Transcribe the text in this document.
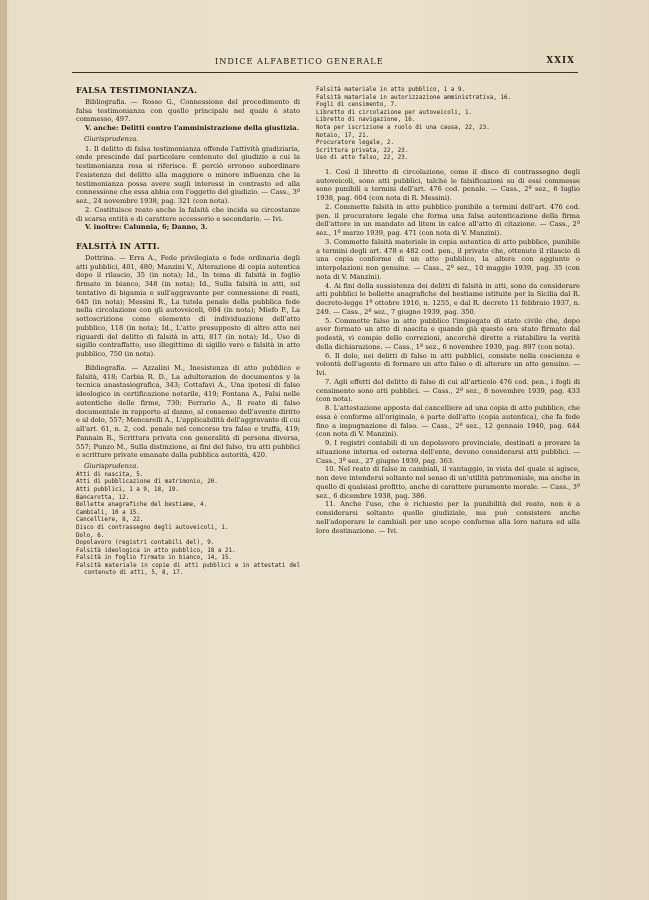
INDICE ALFABETICO GENERALE	XXIX
FALSA TESTIMONIANZA.

Bibliografia. — Rosso G., Connessione del procedimento di falsa testimonianza con quello principale nel quale è stato commesso, 497.

V. anche: Delitti contro l'amministrazione della giustizia.

Giurisprudenza.

1. Il delitto di falsa testimonianza offende l'attività giudiziaria, onde prescinde dal particolare contenuto del giudizio a cui la testimonianza resa si riferisce. È perciò erroneo subordinare l'esistenza del delitto alla maggiore o minore influenza che la testimonianza possa avere sugli interessi in contrasto ed alla connessione che essa abbia con l'oggetto del giudizio. — Cass., 3ª sez., 24 novembre 1938, pag. 321 (con nota).

2. Costituisce reato anche la falsità che incida su circostanze di scarsa entità e di carattere accessorio e secondario. — Ivi.

V. inoltre: Calunnia, 6; Danno, 3.

FALSITÀ IN ATTI.

Dottrina. — Erra A., Fede privilegiata e fede ordinaria degli atti pubblici, 401, 480; Manzini V., Alterazione di copia autentica dopo il rilascio, 35 (in nota); Id., In tema di falsità in foglio firmato in bianco, 348 (in nota); Id., Sulla falsità in atti, sul tentativo di bigamia e sull'aggravante per connessione di reati, 645 (in nota); Messini R., La tutela penale della pubblica fede nella circolazione con gli autoveicoli, 604 (in nota); Miefo P., La sottoscrizione come elemento di individuazione dell'atto pubblico, 118 (in nota); Id., L'atto presupposto di altro atto nei riguardi del delitto di falsità in atti, 817 (in nota); Id., Uso di sigillo contraffatto, uso illegittimo di sigillo vero e falsità in atto pubblico, 750 (in nota).

Bibliografia. — Azzalini M., Inesistenza di atto pubblico e falsità, 418; Carbia R. D., La adulterazion de documentos y la tecnica anastasiografica, 343; Cottafavi A., Una ipotesi di falso ideologico in certificazione notarile, 419; Fontana A., Falsi nelle autentiche delle firme, 730; Ferrario A., Il reato di falso documentale in rapporto al danno, al consenso dell'avente diritto e al dolo, 557; Mencarelli A., L'applicabilità dell'aggravante di cui all'art. 61, n. 2, cod. penale nel concorso tra falso e truffa, 419; Pannain R., Scrittura privata con generalità di persona diversa, 557; Punzo M., Sulla distinzione, ai fini del falso, tra atti pubblici e scritture private emanate dalla pubblica autorità, 420.

Giurisprudenza.

Atti di nascita, 5.

Atti di pubblicazione di matrimonio, 20.

Atti pubblici, 1 a 9, 18, 19.

Bancarotta, 12.

Bollette anagrafiche del bestiame, 4.

Cambiali, 10 a 15.

Cancelliere, 8, 22.

Disco di contrassegno degli autoveicoli, 1.

Dolo, 6.

Dopolavoro (registri contabili del), 9.

Falsità ideologica in atto pubblico, 18 a 21.

Falsità in foglio firmato in bianco, 14, 15.

Falsità materiale in copie di atti pubblici e in attestati del contenuto di atti, 5, 8, 17.

Falsità materiale in atto pubblico, 1 a 9.

Falsità materiale in autorizzazione amministrativa, 16.

Fogli di censimento, 7.

Libretto di circolazione per autoveicoli, 1.

Libretto di navigazione, 16.

Nota per iscrizione a ruolo di una causa, 22, 23.

Notaio, 17, 21.

Procuratore legale, 2.

Scrittura privata, 22, 23.

Uso di atto falso, 22, 23.

1. Così il libretto di circolazione, come il disco di contrassegno degli autoveicoli, sono atti pubblici, talchè le falsificazioni su di essi commesse sono punibili a termini dell'art. 476 cod. penale. — Cass., 2ª sez., 6 luglio 1938, pag. 604 (con nota di R. Messini).

2. Commette falsità in atto pubblico punibile a termini dell'art. 476 cod. pen. il procuratore legale che forma una falsa autenticazione della firma dell'attore in un mandato ad litem in calce all'atto di citazione. — Cass., 2ª sez., 1º marzo 1939, pag. 471 (con nota di V. Manzini).

3. Commette falsità materiale in copia autentica di atto pubblico, punibile a termini degli art. 478 e 482 cod. pen., il privato che, ottenuto il rilascio di una copia conforme di un atto pubblico, la altera con aggiunte o interpolazioni non genuine. — Cass., 2ª sez., 10 maggio 1939, pag. 35 (con nota di V. Manzini).

4. Ai fini della sussistenza dei delitti di falsità in atti, sono da considerare atti pubblici le bollette anagrafiche del bestiame istituite per la Sicilia dal R. decreto-legge 1º ottobre 1916, n. 1255, e dal R. decreto 11 febbraio 1937, n. 249. — Cass., 2ª sez., 7 giugno 1939, pag. 350.

5. Commette falso in atto pubblico l'impiegato di stato civile che, dopo aver formato un atto di nascita e quando già questo era stato firmato dal podestà, vi compie delle correzioni, ancorchè dirette a ristabilire la verità della dichiarazione. — Cass., 1ª sez., 6 novembre 1939, pag. 897 (con nota).

6. Il dolo, nei delitti di falso in atti pubblici, consiste nella coscienza e volontà dell'agente di formare un atto falso o di alterare un atto genuino. — Ivi.

7. Agli effetti del delitto di falso di cui all'articolo 476 cod. pen., i fogli di censimento sono atti pubblici. — Cass., 2ª sez., 8 novembre 1939, pag. 433 (con nota).

8. L'attestazione apposta dal cancelliere ad una copia di atto pubblico, che essa è conforme all'originale, è parte dell'atto (copia autentica), che fa fede fino a impugnazione di falso. — Cass., 2ª sez., 12 gennaio 1940, pag. 644 (con nota di V. Manzini).

9. I registri contabili di un dopolavoro provinciale, destinati a provare la situazione interna ed esterna dell'ente, devono considerarsi atti pubblici. — Cass., 3ª sez., 27 giugno 1939, pag. 363.

10. Nel reato di falso in cambiali, il vantaggio, in vista del quale si agisce, non deve intendersi soltanto nel senso di un'utilità patrimoniale, ma anche in quello di qualsiasi profitto, anche di carattere puramente morale. — Cass., 3ª sez., 6 dicembre 1938, pag. 386.

11. Anche l'uso, che è richiesto per la punibilità del reato, non è a considerarsi soltanto quello giudiziale, ma può consistere anche nell'adoperare le cambiali per uno scopo conforme alla loro natura ed alla loro destinazione. — Ivi.
